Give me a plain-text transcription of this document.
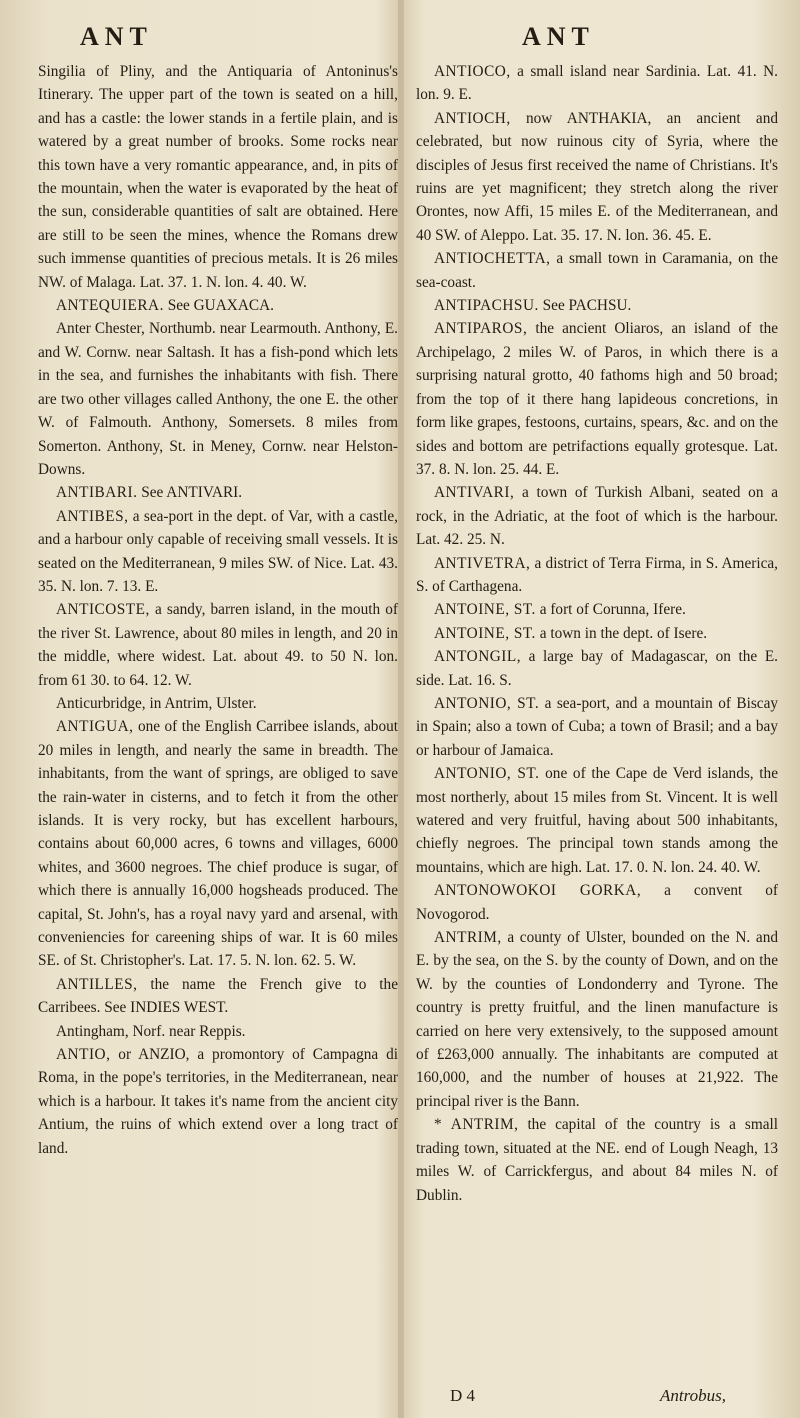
ANT	ANT

Singilia of Pliny, and the Antiquaria of Antoninus's Itinerary. The upper part of the town is seated on a hill, and has a castle: the lower stands in a fertile plain, and is watered by a great number of brooks. Some rocks near this town have a very romantic appearance, and, in pits of the mountain, when the water is evaporated by the heat of the sun, considerable quantities of salt are obtained. Here are still to be seen the mines, whence the Romans drew such immense quantities of precious metals. It is 26 miles NW. of Malaga. Lat. 37. 1. N. lon. 4. 40. W.

ANTEQUIERA. See GUAXACA.

Anter Chester, Northumb. near Learmouth. Anthony, E. and W. Cornw. near Saltash. It has a fish-pond which lets in the sea, and furnishes the inhabitants with fish. There are two other villages called Anthony, the one E. the other W. of Falmouth. Anthony, Somersets. 8 miles from Somerton. Anthony, St. in Meney, Cornw. near Helston-Downs.

ANTIBARI. See ANTIVARI.

ANTIBES, a sea-port in the dept. of Var, with a castle, and a harbour only capable of receiving small vessels. It is seated on the Mediterranean, 9 miles SW. of Nice. Lat. 43. 35. N. lon. 7. 13. E.

ANTICOSTE, a sandy, barren island, in the mouth of the river St. Lawrence, about 80 miles in length, and 20 in the middle, where widest. Lat. about 49. to 50 N. lon. from 61 30. to 64. 12. W.

Anticurbridge, in Antrim, Ulster.

ANTIGUA, one of the English Carribee islands, about 20 miles in length, and nearly the same in breadth. The inhabitants, from the want of springs, are obliged to save the rain-water in cisterns, and to fetch it from the other islands. It is very rocky, but has excellent harbours, contains about 60,000 acres, 6 towns and villages, 6000 whites, and 3600 negroes. The chief produce is sugar, of which there is annually 16,000 hogsheads produced. The capital, St. John's, has a royal navy yard and arsenal, with conveniencies for careening ships of war. It is 60 miles SE. of St. Christopher's. Lat. 17. 5. N. lon. 62. 5. W.

ANTILLES, the name the French give to the Carribees. See INDIES WEST.

Antingham, Norf. near Reppis.

ANTIO, or ANZIO, a promontory of Campagna di Roma, in the pope's territories, in the Mediterranean, near which is a harbour. It takes it's name from the ancient city Antium, the ruins of which extend over a long tract of land.

ANTIOCO, a small island near Sardinia. Lat. 41. N. lon. 9. E.

ANTIOCH, now ANTHAKIA, an ancient and celebrated, but now ruinous city of Syria, where the disciples of Jesus first received the name of Christians. It's ruins are yet magnificent; they stretch along the river Orontes, now Affi, 15 miles E. of the Mediterranean, and 40 SW. of Aleppo. Lat. 35. 17. N. lon. 36. 45. E.

ANTIOCHETTA, a small town in Caramania, on the sea-coast.

ANTIPACHSU. See PACHSU.

ANTIPAROS, the ancient Oliaros, an island of the Archipelago, 2 miles W. of Paros, in which there is a surprising natural grotto, 40 fathoms high and 50 broad; from the top of it there hang lapideous concretions, in form like grapes, festoons, curtains, spears, &c. and on the sides and bottom are petrifactions equally grotesque. Lat. 37. 8. N. lon. 25. 44. E.

ANTIVARI, a town of Turkish Albani, seated on a rock, in the Adriatic, at the foot of which is the harbour. Lat. 42. 25. N.

ANTIVETRA, a district of Terra Firma, in S. America, S. of Carthagena.

ANTOINE, ST. a fort of Corunna, Ifere.

ANTOINE, ST. a town in the dept. of Isere.

ANTONGIL, a large bay of Madagascar, on the E. side. Lat. 16. S.

ANTONIO, ST. a sea-port, and a mountain of Biscay in Spain; also a town of Cuba; a town of Brasil; and a bay or harbour of Jamaica.

ANTONIO, ST. one of the Cape de Verd islands, the most northerly, about 15 miles from St. Vincent. It is well watered and very fruitful, having about 500 inhabitants, chiefly negroes. The principal town stands among the mountains, which are high. Lat. 17. 0. N. lon. 24. 40. W.

ANTONOWOKOI GORKA, a convent of Novogorod.

ANTRIM, a county of Ulster, bounded on the N. and E. by the sea, on the S. by the county of Down, and on the W. by the counties of Londonderry and Tyrone. The country is pretty fruitful, and the linen manufacture is carried on here very extensively, to the supposed amount of £263,000 annually. The inhabitants are computed at 160,000, and the number of houses at 21,922. The principal river is the Bann.

* ANTRIM, the capital of the country is a small trading town, situated at the NE. end of Lough Neagh, 13 miles W. of Carrickfergus, and about 84 miles N. of Dublin.

D 4	Antrobus,
